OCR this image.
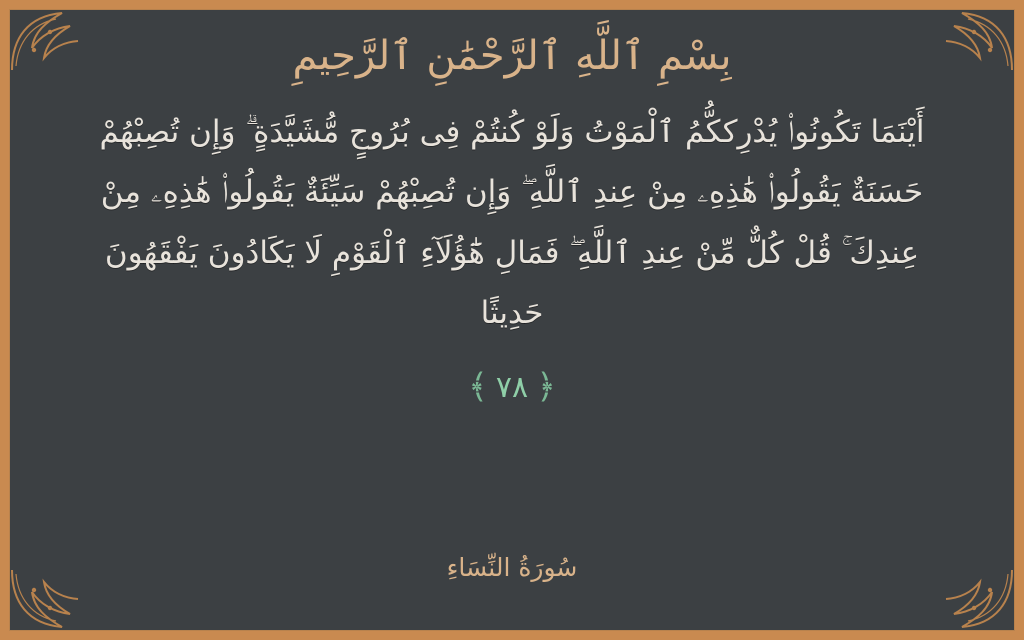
بِسْمِ ٱللَّهِ ٱلرَّحْمَٰنِ ٱلرَّحِيمِ
أَيْنَمَا تَكُونُوا۟ يُدْرِككُّمُ ٱلْمَوْتُ وَلَوْ كُنتُمْ فِى بُرُوجٍ مُّشَيَّدَةٍ ۗ وَإِن تُصِبْهُمْ حَسَنَةٌ يَقُولُوا۟ هَٰذِهِۦ مِنْ عِندِ ٱللَّهِ ۖ وَإِن تُصِبْهُمْ سَيِّئَةٌ يَقُولُوا۟ هَٰذِهِۦ مِنْ عِندِكَ ۚ قُلْ كُلٌّ مِّنْ عِندِ ٱللَّهِ ۖ فَمَالِ هَٰٓؤُلَآءِ ٱلْقَوْمِ لَا يَكَادُونَ يَفْقَهُونَ حَدِيثًا
﴿
٧٨
﴾
سُورَةُ النِّسَاءِ
